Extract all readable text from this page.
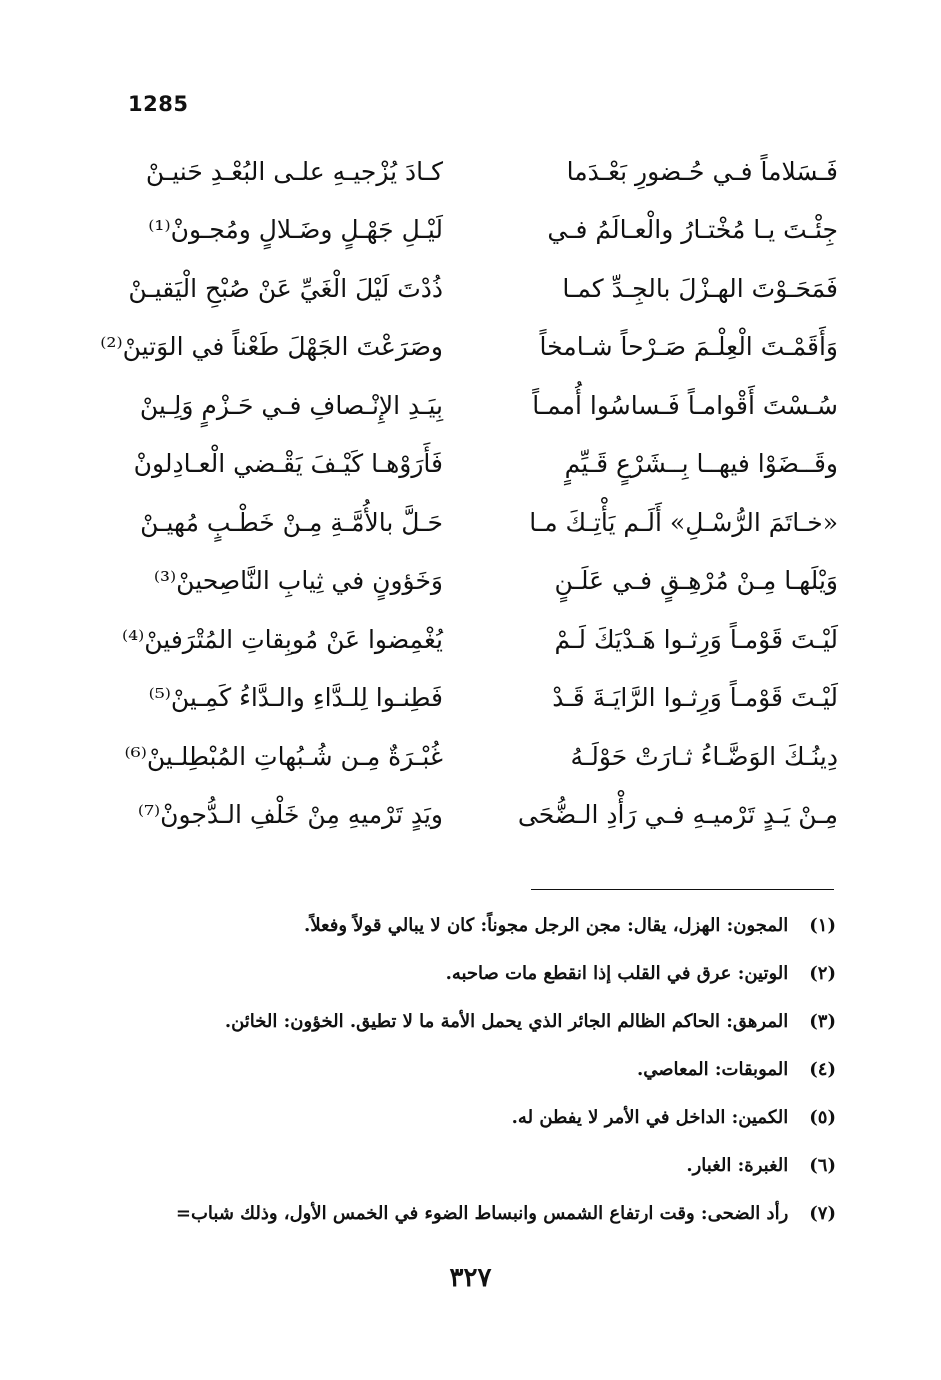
1285
فَـسَلاماً فـي حُـضورِ بَعْـدَما
كـادَ يُزْجيـهِ علـى البُعْـدِ حَنيـنْ
جِئْـتَ يـا مُخْتـارُ والْعـالَمُ فـي
لَيْـلِ جَهْـلٍ وضَـلالٍ ومُجـونْ⁽¹⁾
فَمَحَـوْتَ الهـزْلَ بالجِـدِّ كمـا
ذُدْتَ لَيْلَ الْغَيِّ عَنْ صُبْحِ الْيَقيـنْ
وَأَقَمْـتَ الْعِلْـمَ صَـرْحاً شـامخاً
وصَرَعْتَ الجَهْلَ طَعْناً في الوَتينْ⁽²⁾
سُـسْتَ أَقْوامـاً فَـساسُوا أُممـاً
بِيَـدِ الإِنْـصافِ فـي حَـزْمٍ وَلِـينْ
وقَــضَوْا فيهــا بِــشَرْعٍ قَـيِّمٍ
فَأَرَوْهـا كَيْـفَ يَقْـضي الْعـادِلونْ
«خـاتَمَ الرُّسْـلِ» أَلَـم يَأْتِـكَ مـا
حَـلَّ بالأُمَّـةِ مِـنْ خَطْـبٍ مُهيـنْ
وَيْلَهـا مِـنْ مُرْهِـقٍ فـي عَلَـنٍ
وَخَؤونٍ في ثِيابِ النَّاصِحينْ⁽³⁾
لَيْـتَ قَوْمـاً وَرِثـوا هَـدْيَكَ لَـمْ
يُغْمِضوا عَنْ مُوبِقاتِ المُتْرَفينْ⁽⁴⁾
لَيْـتَ قَوْمـاً وَرِثـوا الرَّايَـةَ قَـدْ
فَطِنـوا لِلـدَّاءِ والـدَّاءُ كَمِـينْ⁽⁵⁾
دِينُـكَ الوَضَّـاءُ ثـارَتْ حَوْلَـهُ
غُبْـرَةٌ مِـن شُـبُهاتِ المُبْطِلـينْ⁽⁶⁾
مِـنْ يَـدٍ تَرْميـهِ فـي رَأْدِ الـضُّحَى
ويَدٍ تَرْميهِ مِنْ خَلْفِ الـدُّجونْ⁽⁷⁾
(١)

المجون: الهزل، يقال: مجن الرجل مجوناً: كان لا يبالي قولاً وفعلاً.
(٢)

الوتين: عرق في القلب إذا انقطع مات صاحبه.
(٣)

المرهق: الحاكم الظالم الجائر الذي يحمل الأمة ما لا تطيق. الخؤون: الخائن.
(٤)

الموبقات: المعاصي.
(٥)

الكمين: الداخل في الأمر لا يفطن له.
(٦)

الغبرة: الغبار.
(٧)

رأد الضحى: وقت ارتفاع الشمس وانبساط الضوء في الخمس الأول، وذلك شباب=
٣٢٧
